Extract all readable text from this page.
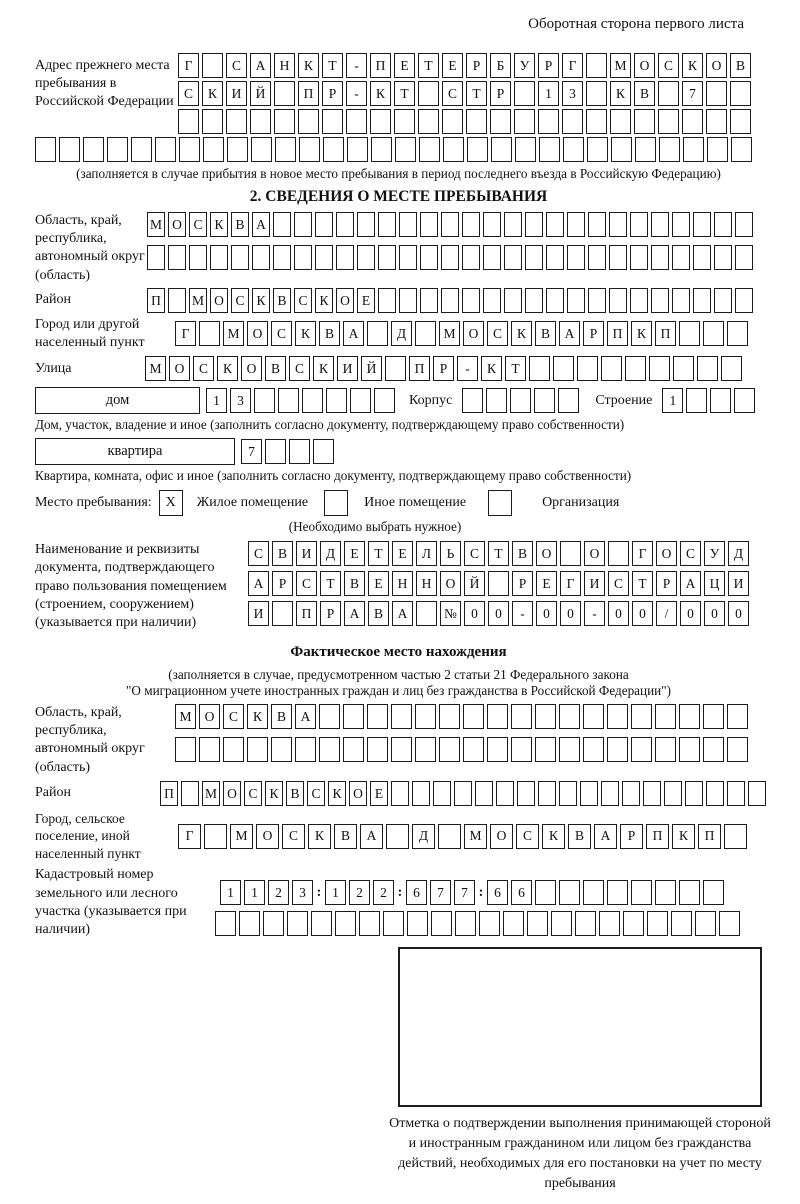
Оборотная сторона первого листа
Адрес прежнего места пребывания в Российской Федерации
Г	С	А	Н	К	Т	-	П	Е	Т	Е	Р	Б	У	Р	Г	М О	С	К	О	В
С	К	И	Й	П	Р	-	К	Т	С	Т	Р	1	3	К	В	7
(заполняется в случае прибытия в новое место пребывания в период последнего въезда в Российскую Федерацию)
2. СВЕДЕНИЯ О МЕСТЕ ПРЕБЫВАНИЯ
Область, край, республика, автономный округ (область)
М О С К В А
Район	П	М О С К В С К О Е
Город или другой населенный пункт
Г	М О	С	К	В	А	Д	М О	С	К	В	А	Р	П	К	П
Улица	М О	С	К	О	В	С	К	И	Й	П	Р	-	К	Т
дом	1	3	Корпус	Строение	1
Дом, участок, владение и иное (заполнить согласно документу, подтверждающему право собственности)
квартира	7
Квартира, комната, офис и иное (заполнить согласно документу, подтверждающему право собственности)
Место пребывания: X	Жилое помещение	Иное помещение	Организация
(Необходимо выбрать нужное)
Наименование и реквизиты документа, подтверждающего право пользования помещением (строением, сооружением) (указывается при наличии)
С	В	И	Д	Е	Т	Е	Л	Ь	С	Т	В	О	О	Г	О	С	У	Д
А	Р	С	Т	В	Е	Н	Н	О	Й	Р	Е	Г	И	С	Т	Р	А	Ц	И
И	П	Р	А	В	А	№	0	0	-	0	0	-	0	0	/	0	0	0
Фактическое место нахождения
(заполняется в случае, предусмотренном частью 2 статьи 21 Федерального закона
"О миграционном учете иностранных граждан и лиц без гражданства в Российской Федерации")
Область, край, республика, автономный округ (область)
М О	С	К	В	А
Район	П	М О С К В С К О Е
Город, сельское поселение, иной населенный пункт
Г	М	О	С	К	В	А	Д	М	О	С	К	В	А	Р	П	К	П
Кадастровый номер земельного или лесного участка (указывается при наличии)
1	1	2	3 : 1	2	2 : 6	7	7 : 6	6
Отметка о подтверждении выполнения принимающей стороной и иностранным гражданином или лицом без гражданства действий, необходимых для его постановки на учет по месту пребывания
